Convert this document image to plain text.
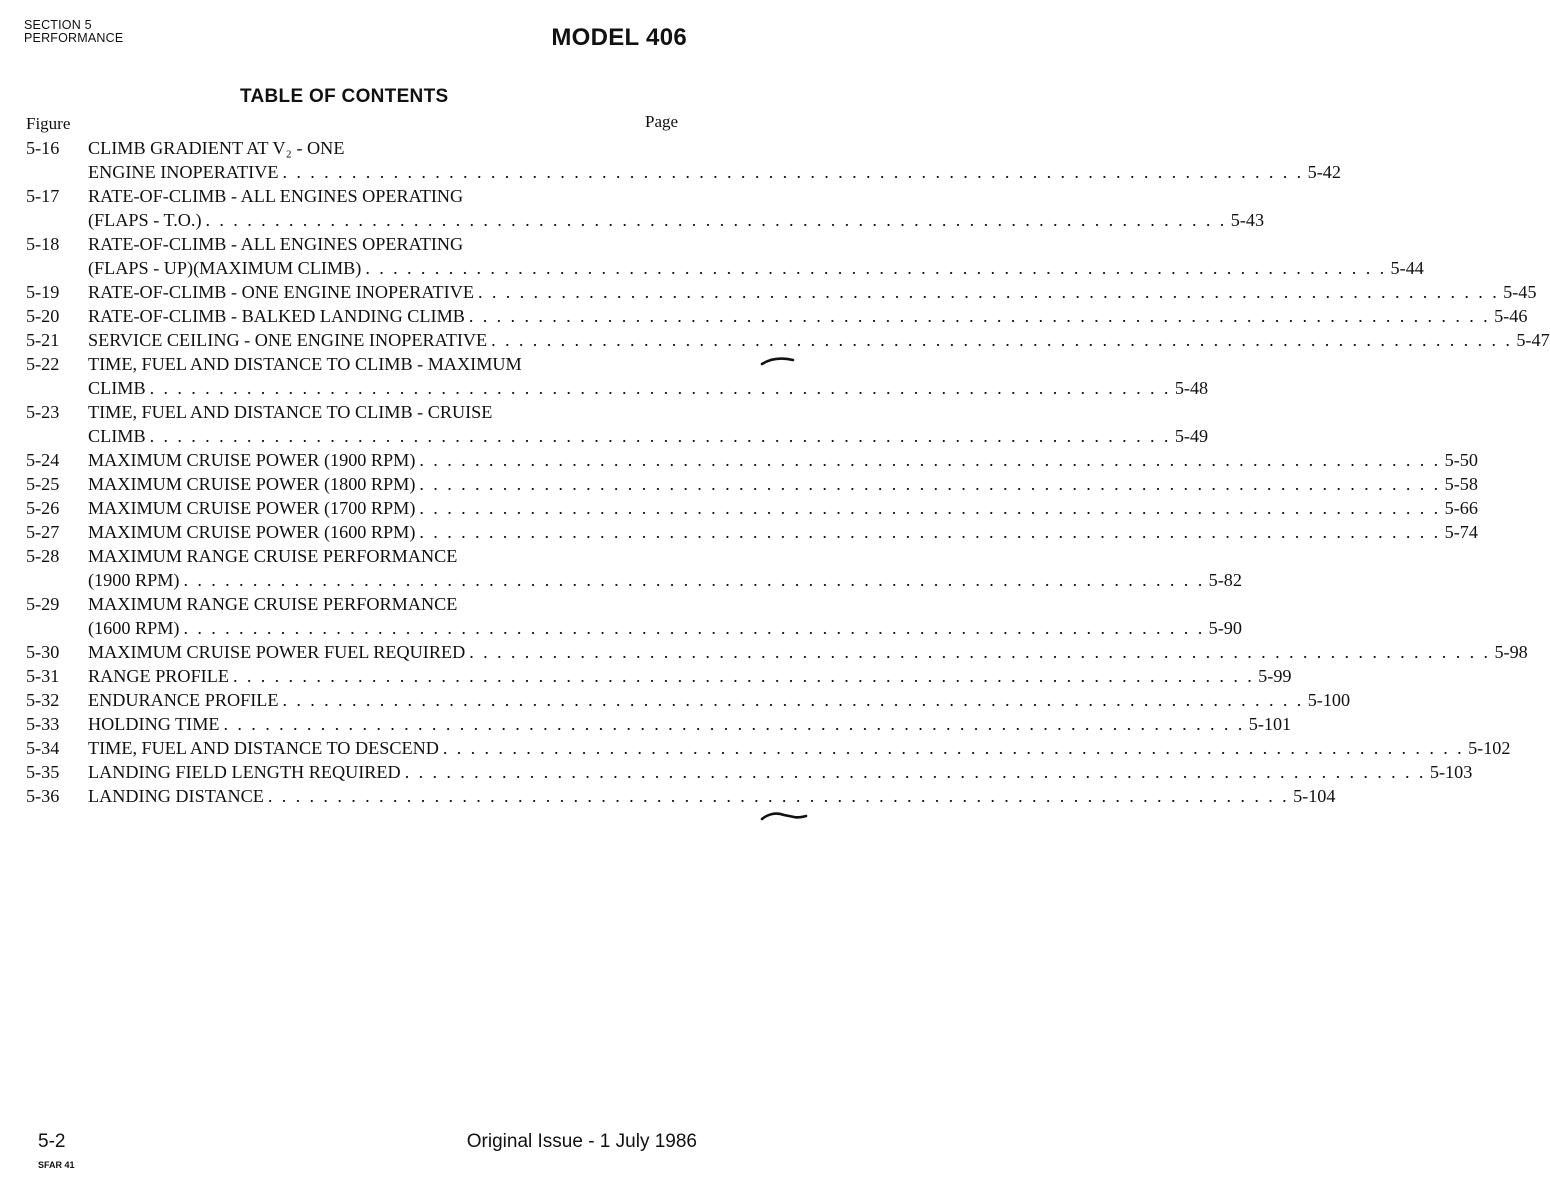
SECTION 5
PERFORMANCE	MODEL 406
TABLE OF CONTENTS
Figure	Page
5-16	CLIMB GRADIENT AT V₂ - ONE
ENGINE INOPERATIVE . . . . . . . . . . . . . . . . . . . . . . . . . . . . . . . . . . . . . . . . . . . . . . . . . . . . . . . . . . . . . . . . . . . . . . . . . . 5-42
5-17	RATE-OF-CLIMB - ALL ENGINES OPERATING
(FLAPS - T.O.) . . . . . . . . . . . . . . . . . . . . . . . . . . . . . . . . . . . . . . . . . . . . . . . . . . . . . . . . . . . . . . . . . . . . . . . . . . 5-43
5-18	RATE-OF-CLIMB - ALL ENGINES OPERATING
(FLAPS - UP)(MAXIMUM CLIMB) . . . . . . . . . . . . . . . . . . . . . . . . . . . . . . . . . . . . . . . . . . . . . . . . . . . . . . . . . . . . . . . . . . . . . . . . . . 5-44
5-19	RATE-OF-CLIMB - ONE ENGINE INOPERATIVE . . . . . . . . . . . . . . . . . . . . . . . . . . . . . . . . . . . . . . . . . . . . . . . . . . . . . . . . . . . . . . . . . . . . . . . . . . 5-45
5-20	RATE-OF-CLIMB - BALKED LANDING CLIMB . . . . . . . . . . . . . . . . . . . . . . . . . . . . . . . . . . . . . . . . . . . . . . . . . . . . . . . . . . . . . . . . . . . . . . . . . . 5-46
5-21	SERVICE CEILING - ONE ENGINE INOPERATIVE . . . . . . . . . . . . . . . . . . . . . . . . . . . . . . . . . . . . . . . . . . . . . . . . . . . . . . . . . . . . . . . . . . . . . . . . . . 5-47
5-22	TIME, FUEL AND DISTANCE TO CLIMB - MAXIMUM
CLIMB . . . . . . . . . . . . . . . . . . . . . . . . . . . . . . . . . . . . . . . . . . . . . . . . . . . . . . . . . . . . . . . . . . . . . . . . . . 5-48
5-23	TIME, FUEL AND DISTANCE TO CLIMB - CRUISE
CLIMB . . . . . . . . . . . . . . . . . . . . . . . . . . . . . . . . . . . . . . . . . . . . . . . . . . . . . . . . . . . . . . . . . . . . . . . . . . 5-49
5-24	MAXIMUM CRUISE POWER (1900 RPM) . . . . . . . . . . . . . . . . . . . . . . . . . . . . . . . . . . . . . . . . . . . . . . . . . . . . . . . . . . . . . . . . . . . . . . . . . . 5-50
5-25	MAXIMUM CRUISE POWER (1800 RPM) . . . . . . . . . . . . . . . . . . . . . . . . . . . . . . . . . . . . . . . . . . . . . . . . . . . . . . . . . . . . . . . . . . . . . . . . . . 5-58
5-26	MAXIMUM CRUISE POWER (1700 RPM) . . . . . . . . . . . . . . . . . . . . . . . . . . . . . . . . . . . . . . . . . . . . . . . . . . . . . . . . . . . . . . . . . . . . . . . . . . 5-66
5-27	MAXIMUM CRUISE POWER (1600 RPM) . . . . . . . . . . . . . . . . . . . . . . . . . . . . . . . . . . . . . . . . . . . . . . . . . . . . . . . . . . . . . . . . . . . . . . . . . . 5-74
5-28	MAXIMUM RANGE CRUISE PERFORMANCE
(1900 RPM) . . . . . . . . . . . . . . . . . . . . . . . . . . . . . . . . . . . . . . . . . . . . . . . . . . . . . . . . . . . . . . . . . . . . . . . . . . 5-82
5-29	MAXIMUM RANGE CRUISE PERFORMANCE
(1600 RPM) . . . . . . . . . . . . . . . . . . . . . . . . . . . . . . . . . . . . . . . . . . . . . . . . . . . . . . . . . . . . . . . . . . . . . . . . . . 5-90
5-30	MAXIMUM CRUISE POWER FUEL REQUIRED . . . . . . . . . . . . . . . . . . . . . . . . . . . . . . . . . . . . . . . . . . . . . . . . . . . . . . . . . . . . . . . . . . . . . . . . . . 5-98
5-31	RANGE PROFILE . . . . . . . . . . . . . . . . . . . . . . . . . . . . . . . . . . . . . . . . . . . . . . . . . . . . . . . . . . . . . . . . . . . . . . . . . . 5-99
5-32	ENDURANCE PROFILE . . . . . . . . . . . . . . . . . . . . . . . . . . . . . . . . . . . . . . . . . . . . . . . . . . . . . . . . . . . . . . . . . . . . . . . . . . 5-100
5-33	HOLDING TIME . . . . . . . . . . . . . . . . . . . . . . . . . . . . . . . . . . . . . . . . . . . . . . . . . . . . . . . . . . . . . . . . . . . . . . . . . . 5-101
5-34	TIME, FUEL AND DISTANCE TO DESCEND . . . . . . . . . . . . . . . . . . . . . . . . . . . . . . . . . . . . . . . . . . . . . . . . . . . . . . . . . . . . . . . . . . . . . . . . . . 5-102
5-35	LANDING FIELD LENGTH REQUIRED . . . . . . . . . . . . . . . . . . . . . . . . . . . . . . . . . . . . . . . . . . . . . . . . . . . . . . . . . . . . . . . . . . . . . . . . . . 5-103
5-36	LANDING DISTANCE . . . . . . . . . . . . . . . . . . . . . . . . . . . . . . . . . . . . . . . . . . . . . . . . . . . . . . . . . . . . . . . . . . . . . . . . . . 5-104
5-2
SFAR 41
Original Issue - 1 July 1986
